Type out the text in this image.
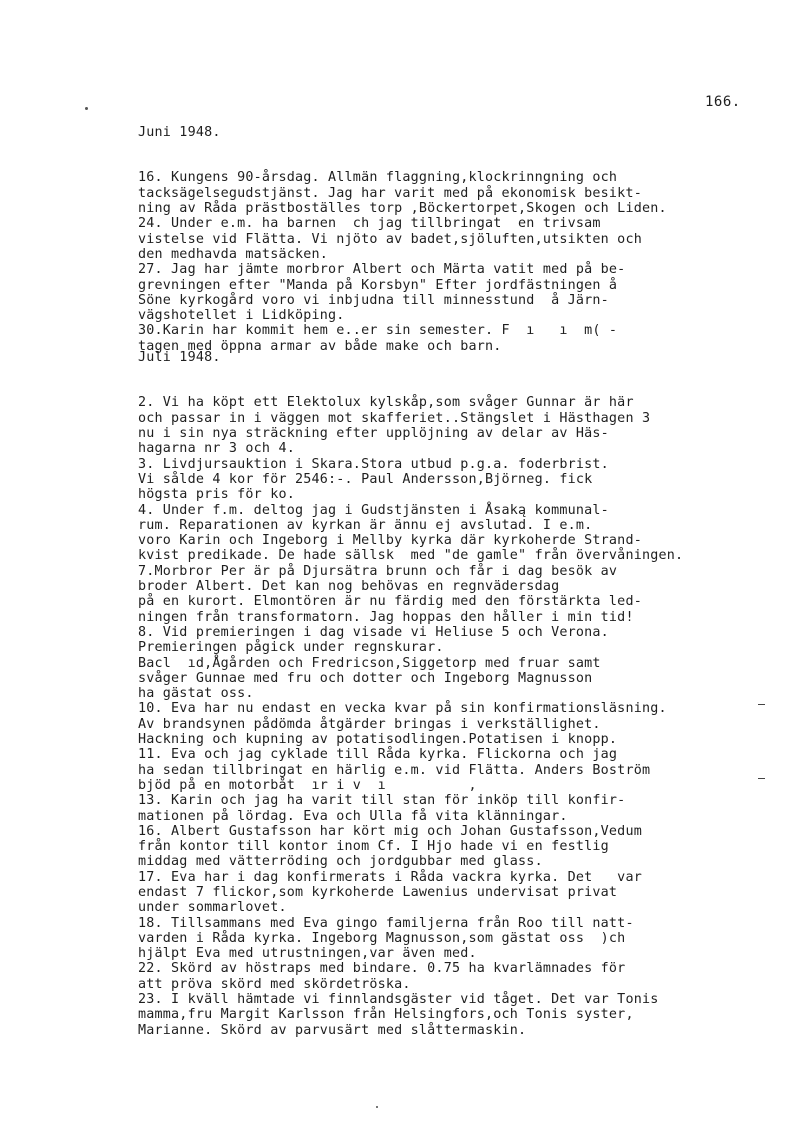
166.

Juni 1948.

16. Kungens 90-årsdag. Allmän flaggning,klockrinngning och
tacksägelsegudstjänst. Jag har varit med på ekonomisk besikt-
ning av Råda prästboställes torp ,Böckertorpet,Skogen och Liden.
24. Under e.m. ha barnen  ch jag tillbringat  en trivsam
vistelse vid Flätta. Vi njöto av badet,sjöluften,utsikten och
den medhavda matsäcken.
27. Jag har jämte morbror Albert och Märta vatit med på be-
grevningen efter "Manda på Korsbyn" Efter jordfästningen å
Söne kyrkogård voro vi inbjudna till minnesstund  å Järn-
vägshotellet i Lidköping.
30.Karin har kommit hem e..er sin semester. F  ı   ı  m( -
tagen med öppna armar av både make och barn.

Juli 1948.

2. Vi ha köpt ett Elektolux kylskåp,som svåger Gunnar är här
och passar in i väggen mot skafferiet..Stängslet i Hästhagen 3
nu i sin nya sträckning efter upplöjning av delar av Häs-
hagarna nr 3 och 4.
3. Livdjursauktion i Skara.Stora utbud p.g.a. foderbrist.
Vi sålde 4 kor för 2546:-. Paul Andersson,Björneg. fick
högsta pris för ko.
4. Under f.m. deltog jag i Gudstjänsten i Åsaką kommunal-
rum. Reparationen av kyrkan är ännu ej avslutad. I e.m.
voro Karin och Ingeborg i Mellby kyrka där kyrkoherde Strand-
kvist predikade. De hade sällsk  med "de gamle" från övervåningen.
7.Morbror Per är på Djursätra brunn och får i dag besök av
broder Albert. Det kan nog behövas en regnvädersdag
på en kurort. Elmontören är nu färdig med den förstärkta led-
ningen från transformatorn. Jag hoppas den håller i min tid!
8. Vid premieringen i dag visade vi Heliuse 5 och Verona.
Premieringen pågick under regnskurar.
Bacl  ıd,Ågården och Fredricson,Siggetorp med fruar samt
svåger Gunnae med fru och dotter och Ingeborg Magnusson
ha gästat oss.
10. Eva har nu endast en vecka kvar på sin konfirmationsläsning.
Av brandsynen pådömda åtgärder bringas i verkställighet.
Hackning och kupning av potatisodlingen.Potatisen i knopp.
11. Eva och jag cyklade till Råda kyrka. Flickorna och jag
ha sedan tillbringat en härlig e.m. vid Flätta. Anders Boström
bjöd på en motorbåt  ır i v  ı          ,
13. Karin och jag ha varit till stan för inköp till konfir-
mationen på lördag. Eva och Ulla få vita klänningar.
16. Albert Gustafsson har kört mig och Johan Gustafsson,Vedum
från kontor till kontor inom Cf. I Hjo hade vi en festlig
middag med vätterröding och jordgubbar med glass.
17. Eva har i dag konfirmerats i Råda vackra kyrka. Det   var
endast 7 flickor,som kyrkoherde Lawenius undervisat privat
under sommarlovet.
18. Tillsammans med Eva gingo familjerna från Roo till natt-
varden i Råda kyrka. Ingeborg Magnusson,som gästat oss  )ch
hjälpt Eva med utrustningen,var även med.
22. Skörd av höstraps med bindare. 0.75 ha kvarlämnades för
att pröva skörd med skördetröska.
23. I kväll hämtade vi finnlandsgäster vid tåget. Det var Tonis
mamma,fru Margit Karlsson från Helsingfors,och Tonis syster,
Marianne. Skörd av parvusärt med slåttermaskin.
